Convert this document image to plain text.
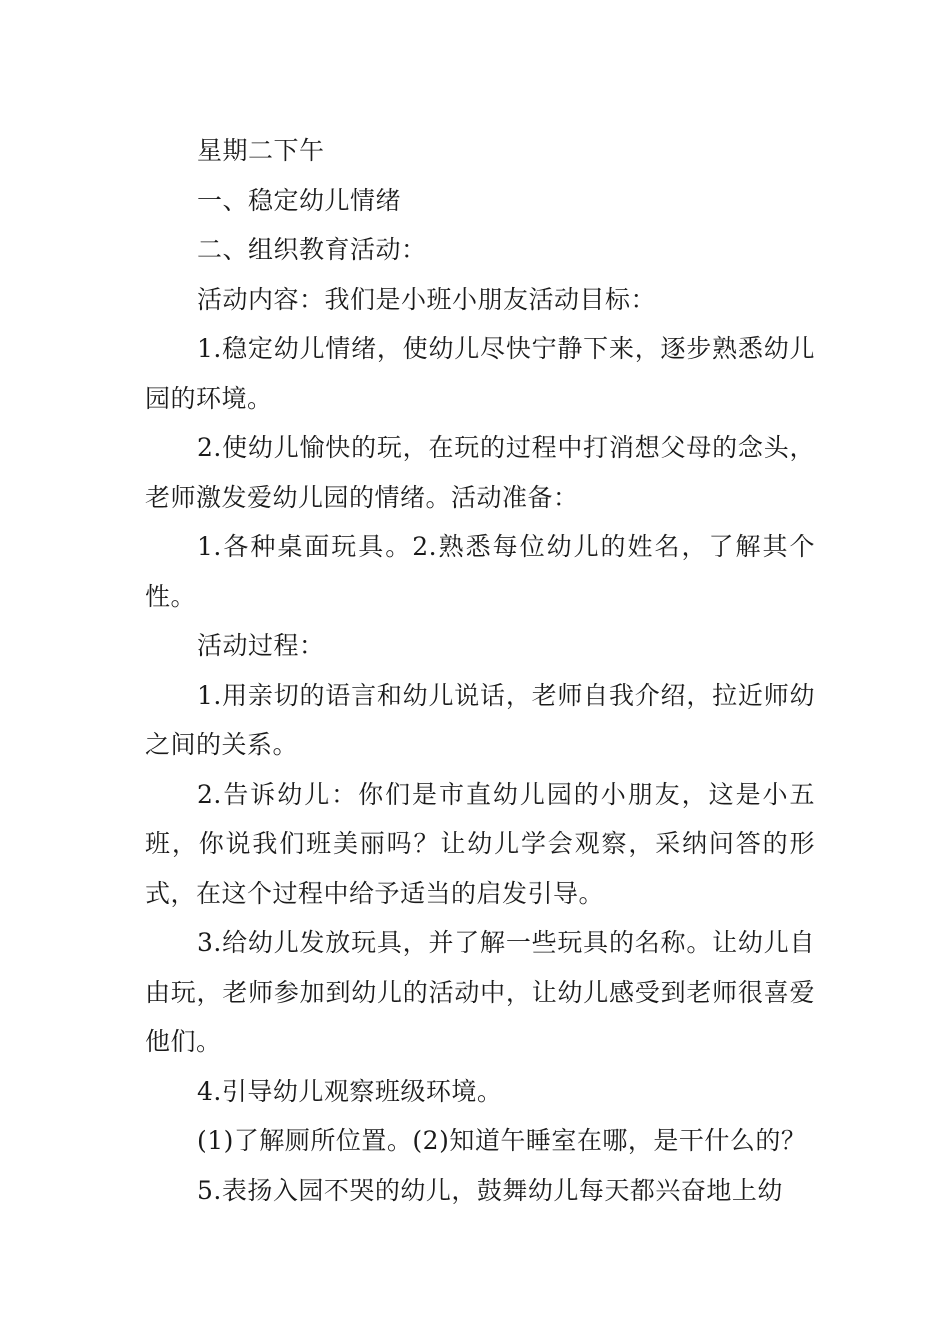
星期二下午

一、稳定幼儿情绪

二、组织教育活动：

活动内容：我们是小班小朋友活动目标：

1.稳定幼儿情绪，使幼儿尽快宁静下来，逐步熟悉幼儿园的环境。

2.使幼儿愉快的玩，在玩的过程中打消想父母的念头，老师激发爱幼儿园的情绪。活动准备：

1.各种桌面玩具。2.熟悉每位幼儿的姓名，了解其个性。

活动过程：

1.用亲切的语言和幼儿说话，老师自我介绍，拉近师幼之间的关系。

2.告诉幼儿：你们是市直幼儿园的小朋友，这是小五班，你说我们班美丽吗？让幼儿学会观察，采纳问答的形式，在这个过程中给予适当的启发引导。

3.给幼儿发放玩具，并了解一些玩具的名称。让幼儿自由玩，老师参加到幼儿的活动中，让幼儿感受到老师很喜爱他们。

4.引导幼儿观察班级环境。

(1)了解厕所位置。(2)知道午睡室在哪，是干什么的？

5.表扬入园不哭的幼儿，鼓舞幼儿每天都兴奋地上幼
